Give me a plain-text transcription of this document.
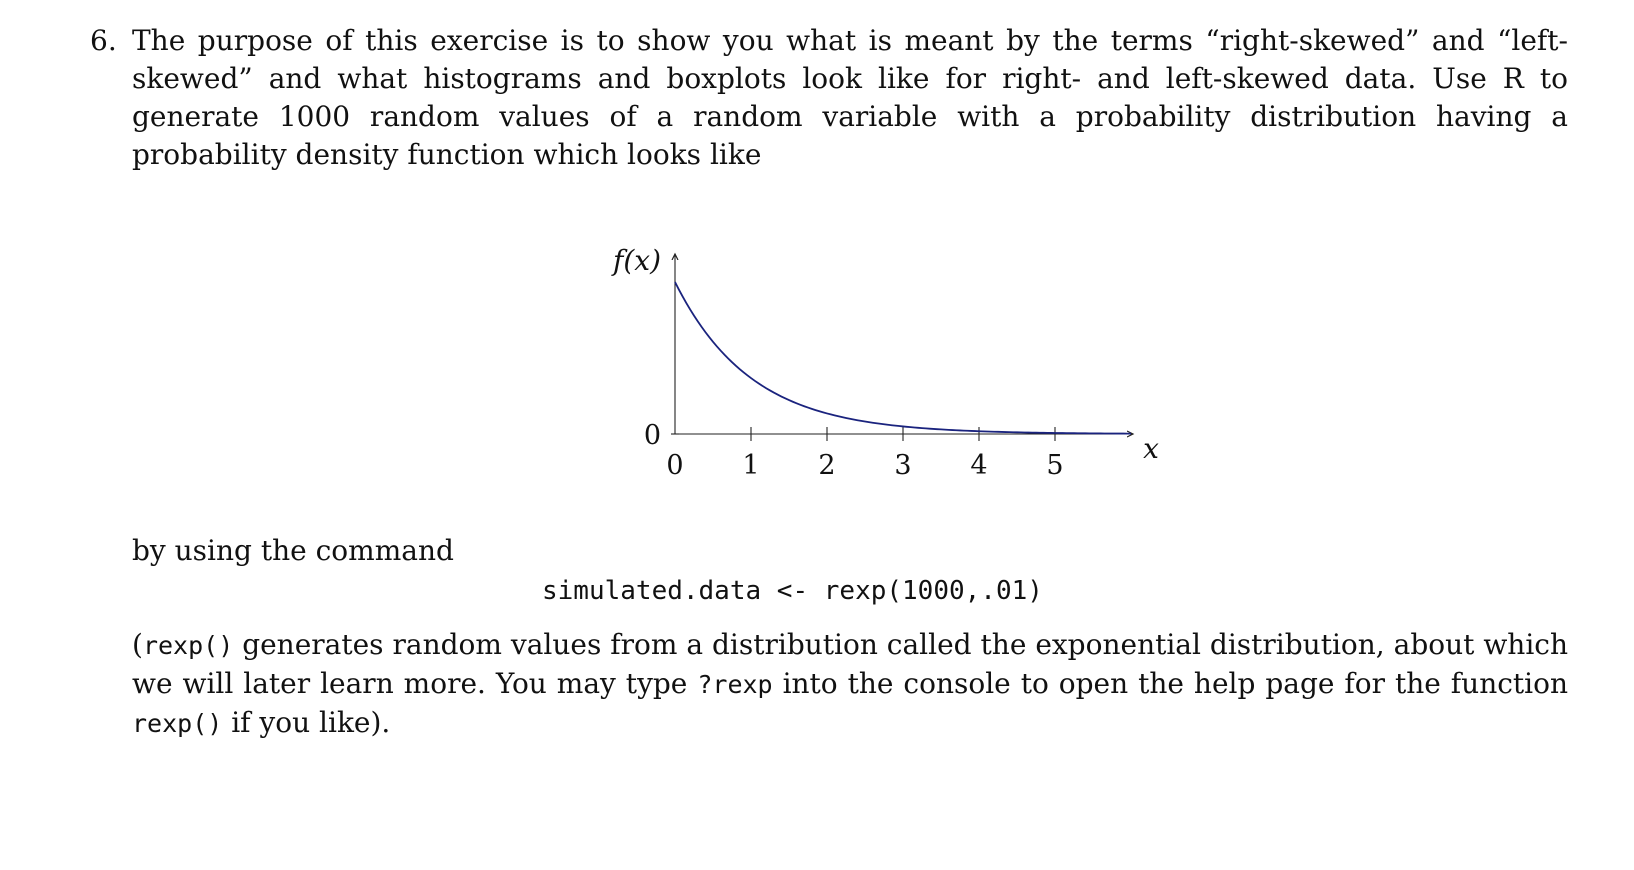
6. The purpose of this exercise is to show you what is meant by the terms “right-skewed” and “left-skewed” and what histograms and boxplots look like for right- and left-skewed data. Use R to generate 1000 random values of a random variable with a probability distribution having a probability density function which looks like
0 1 2 3 4 5
0
f(x)
x
by using the command
simulated.data <- rexp(1000,.01)
(rexp() generates random values from a distribution called the exponential distribution, about which we will later learn more. You may type ?rexp into the console to open the help page for the function rexp() if you like).
